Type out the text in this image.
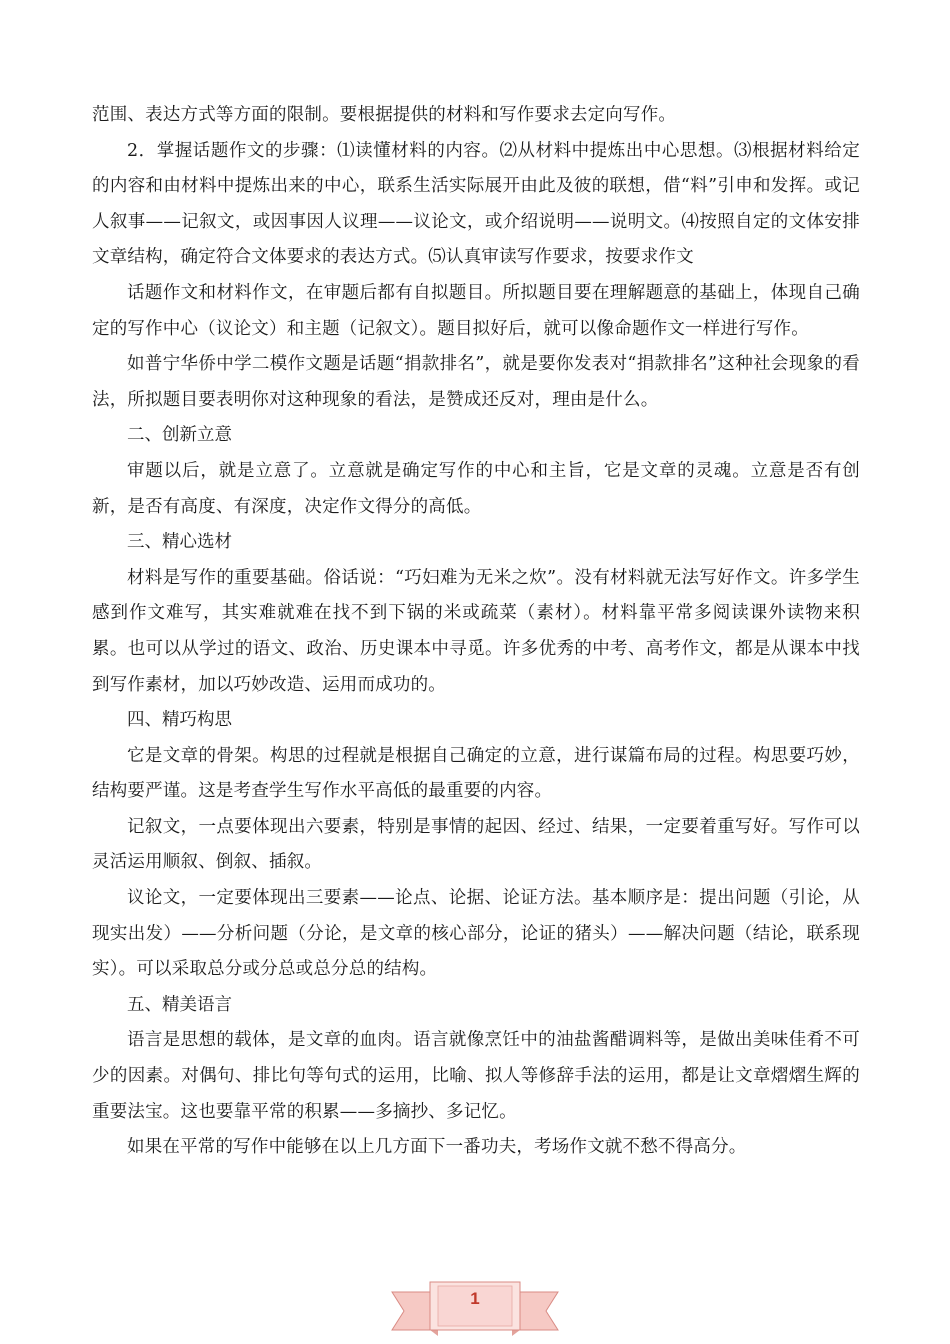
范围、表达方式等方面的限制。要根据提供的材料和写作要求去定向写作。

2．掌握话题作文的步骤：⑴读懂材料的内容。⑵从材料中提炼出中心思想。⑶根据材料给定的内容和由材料中提炼出来的中心，联系生活实际展开由此及彼的联想，借“料”引申和发挥。或记人叙事——记叙文，或因事因人议理——议论文，或介绍说明——说明文。⑷按照自定的文体安排文章结构，确定符合文体要求的表达方式。⑸认真审读写作要求，按要求作文

话题作文和材料作文，在审题后都有自拟题目。所拟题目要在理解题意的基础上，体现自己确定的写作中心（议论文）和主题（记叙文）。题目拟好后，就可以像命题作文一样进行写作。

如普宁华侨中学二模作文题是话题“捐款排名”，就是要你发表对“捐款排名”这种社会现象的看法，所拟题目要表明你对这种现象的看法，是赞成还反对，理由是什么。

二、创新立意

审题以后，就是立意了。立意就是确定写作的中心和主旨，它是文章的灵魂。立意是否有创新，是否有高度、有深度，决定作文得分的高低。

三、精心选材

材料是写作的重要基础。俗话说：“巧妇难为无米之炊”。没有材料就无法写好作文。许多学生感到作文难写，其实难就难在找不到下锅的米或疏菜（素材）。材料靠平常多阅读课外读物来积累。也可以从学过的语文、政治、历史课本中寻觅。许多优秀的中考、高考作文，都是从课本中找到写作素材，加以巧妙改造、运用而成功的。

四、精巧构思

它是文章的骨架。构思的过程就是根据自己确定的立意，进行谋篇布局的过程。构思要巧妙，结构要严谨。这是考查学生写作水平高低的最重要的内容。

记叙文，一点要体现出六要素，特别是事情的起因、经过、结果，一定要着重写好。写作可以灵活运用顺叙、倒叙、插叙。

议论文，一定要体现出三要素——论点、论据、论证方法。基本顺序是：提出问题（引论，从现实出发）——分析问题（分论，是文章的核心部分，论证的猪头）——解决问题（结论，联系现实）。可以采取总分或分总或总分总的结构。

五、精美语言

语言是思想的载体，是文章的血肉。语言就像烹饪中的油盐酱醋调料等，是做出美味佳肴不可少的因素。对偶句、排比句等句式的运用，比喻、拟人等修辞手法的运用，都是让文章熠熠生辉的重要法宝。这也要靠平常的积累——多摘抄、多记忆。

如果在平常的写作中能够在以上几方面下一番功夫，考场作文就不愁不得高分。

1
